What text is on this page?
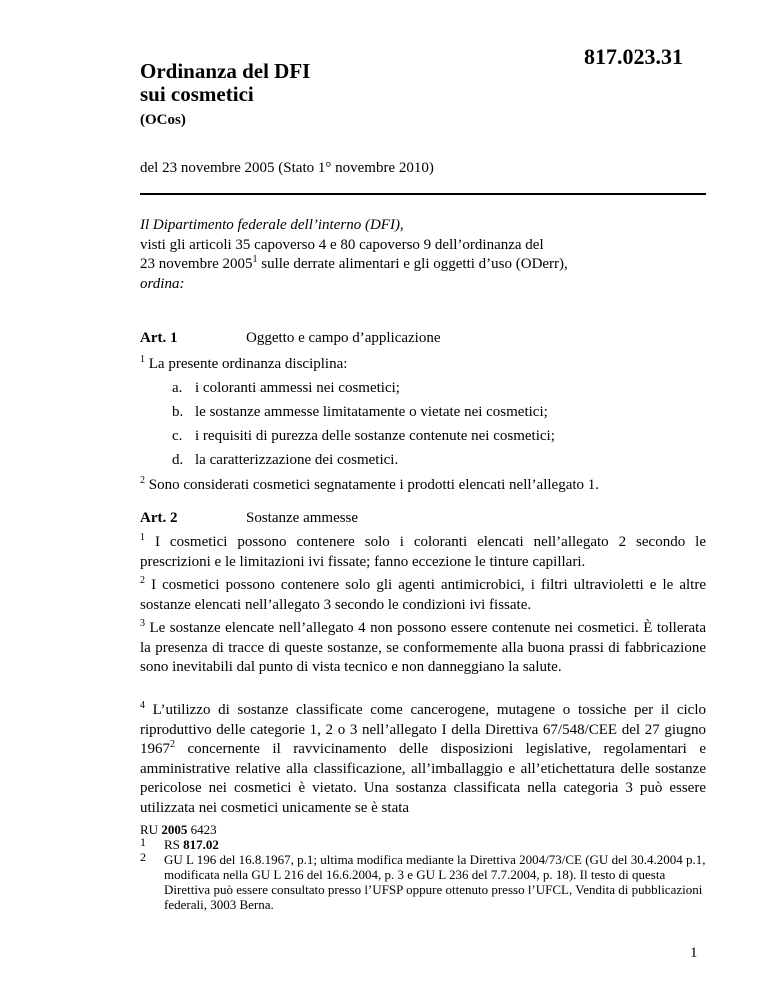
817.023.31
Ordinanza del DFI
sui cosmetici
(OCos)
del 23 novembre 2005 (Stato 1° novembre 2010)

Il Dipartimento federale dell’interno (DFI),

visti gli articoli 35 capoverso 4 e 80 capoverso 9 dell’ordinanza del

23 novembre 2005$^1$ sulle derrate alimentari e gli oggetti d’uso (ODerr),

ordina:

Art. 1	Oggetto e campo d’applicazione
$^1$ La presente ordinanza disciplina:
a. i coloranti ammessi nei cosmetici;
b. le sostanze ammesse limitatamente o vietate nei cosmetici;
c. i requisiti di purezza delle sostanze contenute nei cosmetici;
d. la caratterizzazione dei cosmetici.
$^2$ Sono considerati cosmetici segnatamente i prodotti elencati nell’allegato 1.
Art. 2	Sostanze ammesse
$^1$ I cosmetici possono contenere solo i coloranti elencati nell’allegato 2 secondo le prescrizioni e le limitazioni ivi fissate; fanno eccezione le tinture capillari.
$^2$ I cosmetici possono contenere solo gli agenti antimicrobici, i filtri ultravioletti e le altre sostanze elencati nell’allegato 3 secondo le condizioni ivi fissate.
$^3$ Le sostanze elencate nell’allegato 4 non possono essere contenute nei cosmetici. È tollerata la presenza di tracce di queste sostanze, se conformemente alla buona prassi di fabbricazione sono inevitabili dal punto di vista tecnico e non danneggiano la salute.
$^4$ L’utilizzo di sostanze classificate come cancerogene, mutagene o tossiche per il ciclo riproduttivo delle categorie 1, 2 o 3 nell’allegato I della Direttiva 67/548/CEE del 27 giugno 1967$^2$ concernente il ravvicinamento delle disposizioni legislative, regolamentari e amministrative relative alla classificazione, all’imballaggio e all’etichettatura delle sostanze pericolose nei cosmetici è vietato. Una sostanza classificata nella categoria 3 può essere utilizzata nei cosmetici unicamente se è stata
RU 2005 6423
1 RS 817.02
2 GU L 196 del 16.8.1967, p.1; ultima modifica mediante la Direttiva 2004/73/CE (GU del 30.4.2004 p.1, modificata nella GU L 216 del 16.6.2004, p. 3 e GU L 236 del 7.7.2004, p. 18). Il testo di questa Direttiva può essere consultato presso l’UFSP oppure ottenuto presso l’UFCL, Vendita di pubblicazioni federali, 3003 Berna.
1
